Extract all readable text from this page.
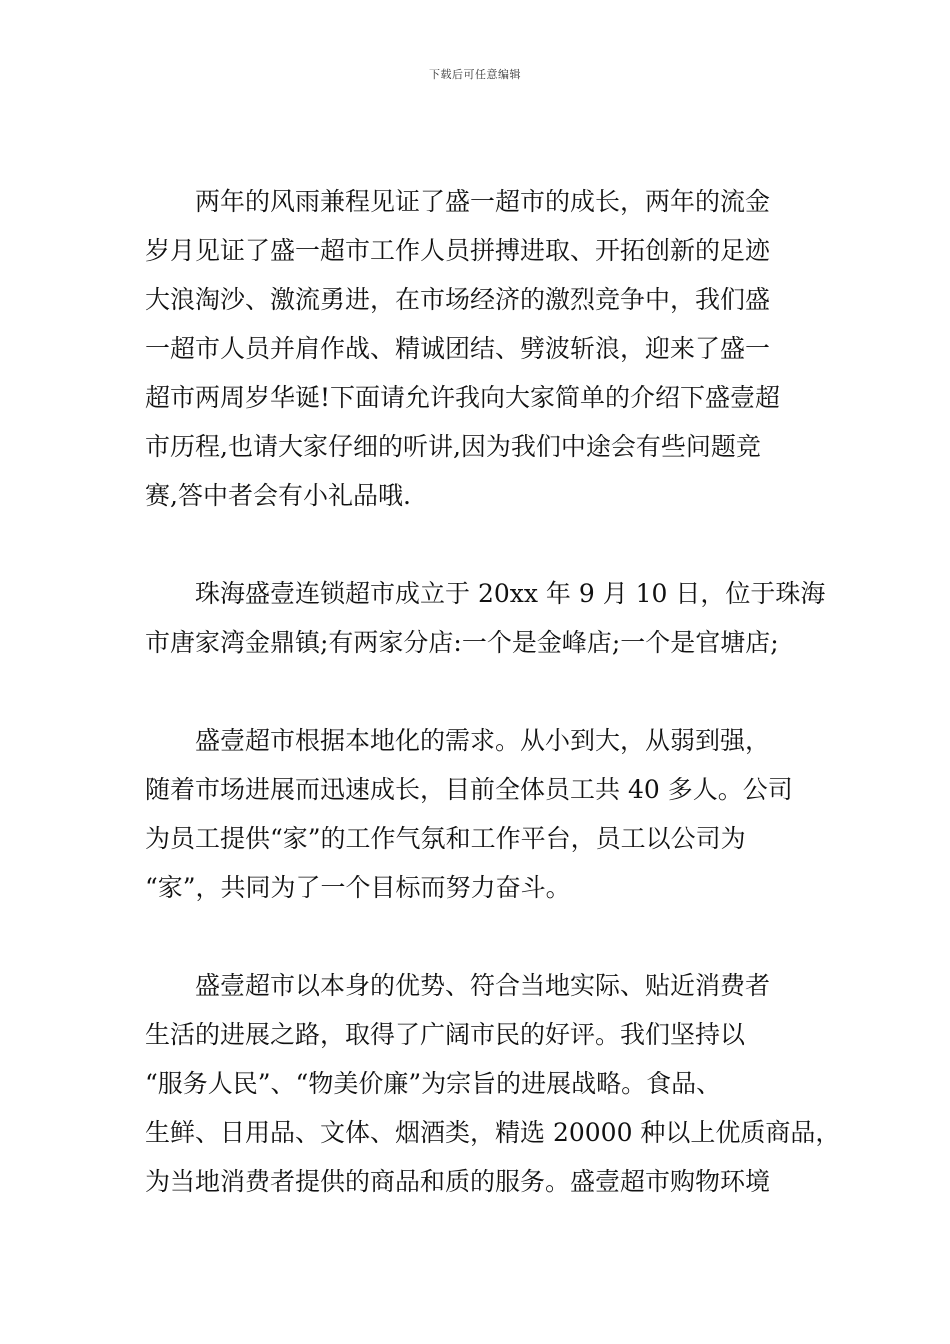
下载后可任意编辑

两年的风雨兼程见证了盛一超市的成长，两年的流金
岁月见证了盛一超市工作人员拼搏进取、开拓创新的足迹
大浪淘沙、激流勇进，在市场经济的激烈竞争中，我们盛
一超市人员并肩作战、精诚团结、劈波斩浪，迎来了盛一
超市两周岁华诞!下面请允许我向大家简单的介绍下盛壹超
市历程,也请大家仔细的听讲,因为我们中途会有些问题竞
赛,答中者会有小礼品哦.

珠海盛壹连锁超市成立于 20xx 年 9 月 10 日，位于珠海
市唐家湾金鼎镇;有两家分店:一个是金峰店;一个是官塘店;

盛壹超市根据本地化的需求。从小到大，从弱到强，
随着市场进展而迅速成长，目前全体员工共 40 多人。公司
为员工提供“家”的工作气氛和工作平台，员工以公司为
“家”，共同为了一个目标而努力奋斗。

盛壹超市以本身的优势、符合当地实际、贴近消费者
生活的进展之路，取得了广阔市民的好评。我们坚持以
“服务人民”、“物美价廉”为宗旨的进展战略。食品、
生鲜、日用品、文体、烟酒类，精选 20000 种以上优质商品，
为当地消费者提供的商品和质的服务。盛壹超市购物环境
